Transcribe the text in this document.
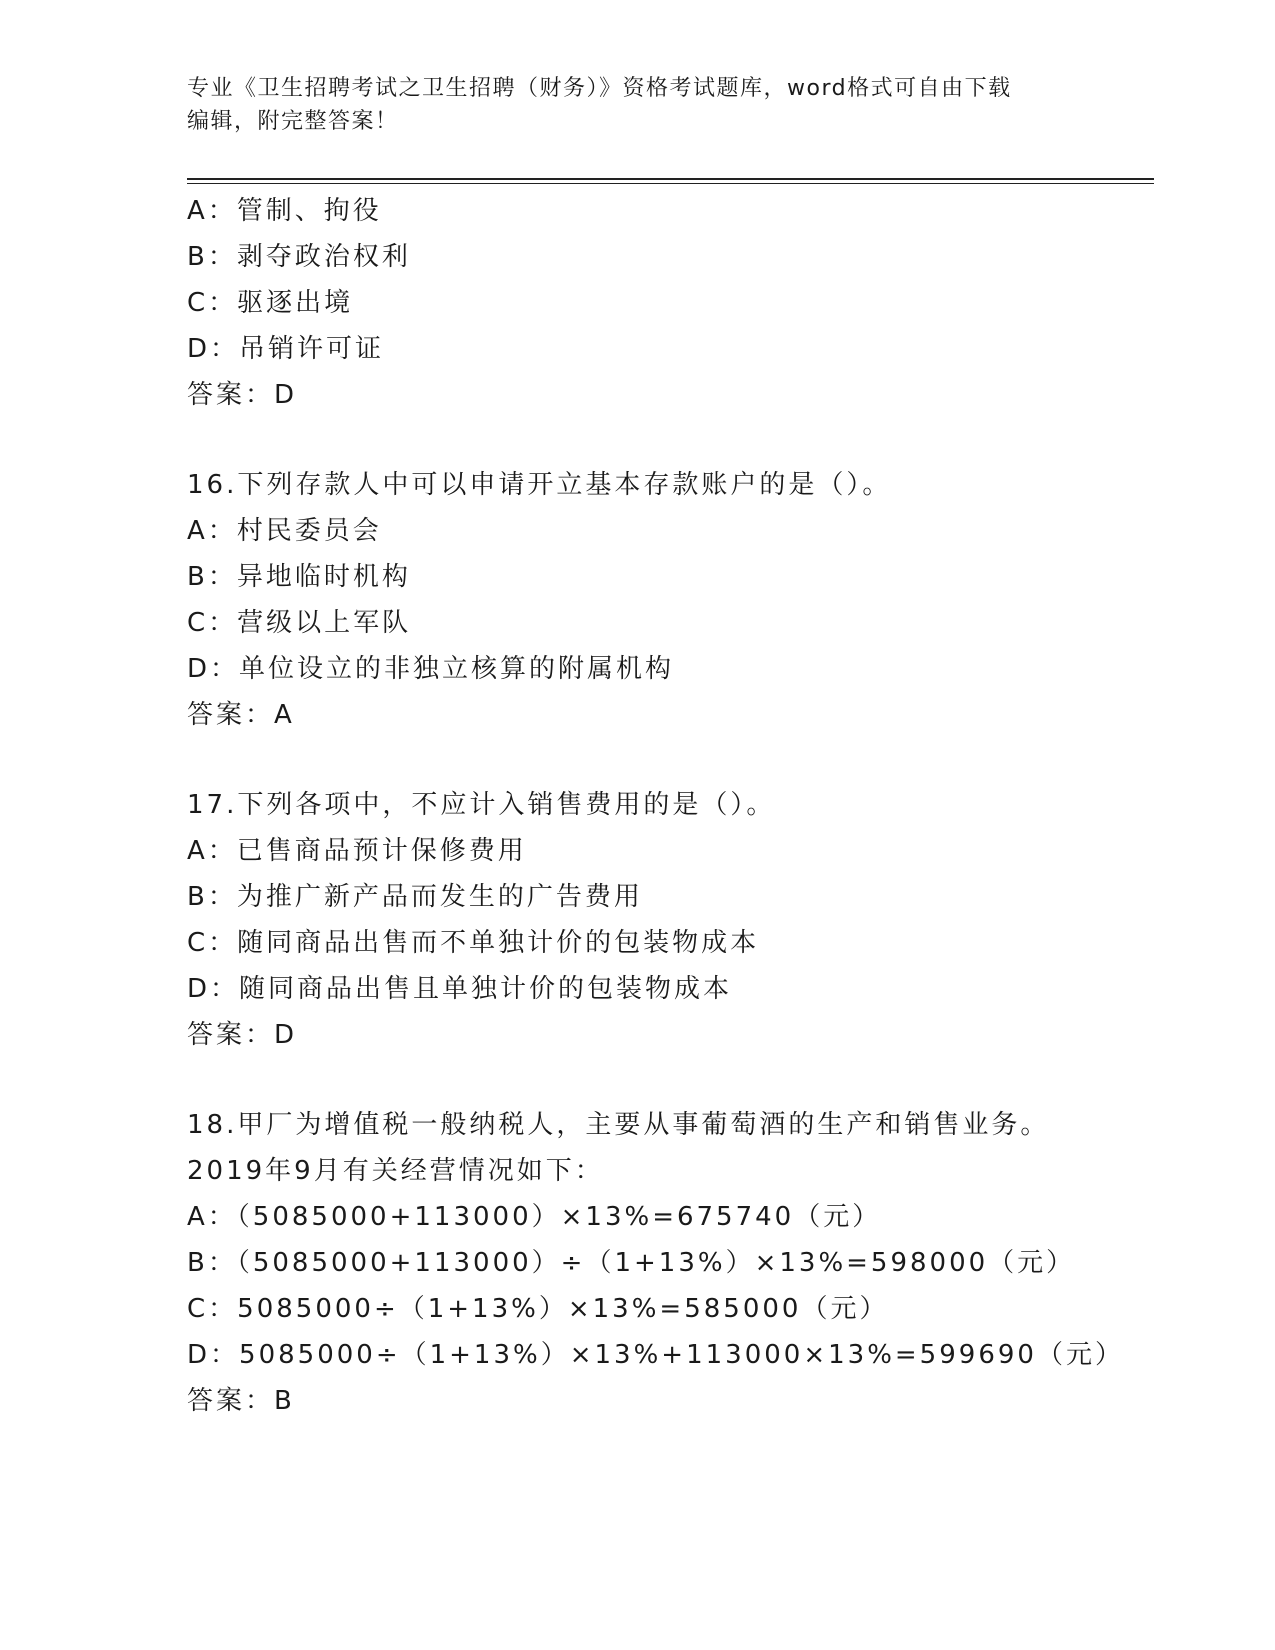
专业《卫生招聘考试之卫生招聘（财务）》资格考试题库，word格式可自由下载
编辑，附完整答案！
A：管制、拘役
B：剥夺政治权利
C：驱逐出境
D：吊销许可证
答案：D
16.下列存款人中可以申请开立基本存款账户的是（）。
A：村民委员会
B：异地临时机构
C：营级以上军队
D：单位设立的非独立核算的附属机构
答案：A
17.下列各项中，不应计入销售费用的是（）。
A：已售商品预计保修费用
B：为推广新产品而发生的广告费用
C：随同商品出售而不单独计价的包装物成本
D：随同商品出售且单独计价的包装物成本
答案：D
18.甲厂为增值税一般纳税人，主要从事葡萄酒的生产和销售业务。
2019年9月有关经营情况如下：
A：（5085000+113000）×13%=675740（元）
B：（5085000+113000）÷（1+13%）×13%=598000（元）
C：5085000÷（1+13%）×13%=585000（元）
D：5085000÷（1+13%）×13%+113000×13%=599690（元）
答案：B
